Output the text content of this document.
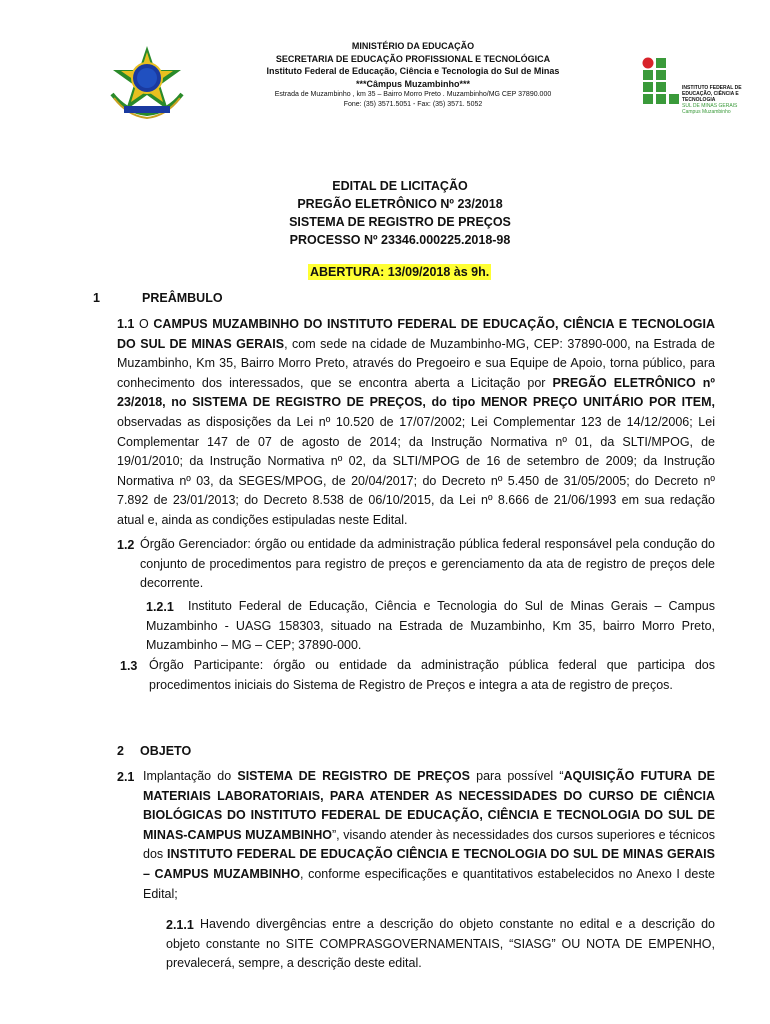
MINISTÉRIO DA EDUCAÇÃO
SECRETARIA DE EDUCAÇÃO PROFISSIONAL E TECNOLÓGICA
Instituto Federal de Educação, Ciência e Tecnologia do Sul de Minas
***Câmpus Muzambinho***
Estrada de Muzambinho , km 35 – Bairro Morro Preto . Muzambinho/MG CEP 37890.000
Fone: (35) 3571.5051 - Fax: (35) 3571. 5052
INSTITUTO FEDERAL DE
EDUCAÇÃO, CIÊNCIA E TECNOLOGIA
SUL DE MINAS GERAIS
Campus Muzambinho
EDITAL DE LICITAÇÃO
PREGÃO ELETRÔNICO Nº 23/2018
SISTEMA DE REGISTRO DE PREÇOS
PROCESSO Nº 23346.000225.2018-98
ABERTURA: 13/09/2018 às 9h.
1	PREÂMBULO
1.1 O CAMPUS MUZAMBINHO DO INSTITUTO FEDERAL DE EDUCAÇÃO, CIÊNCIA E TECNOLOGIA DO SUL DE MINAS GERAIS, com sede na cidade de Muzambinho-MG, CEP: 37890-000, na Estrada de Muzambinho, Km 35, Bairro Morro Preto, através do Pregoeiro e sua Equipe de Apoio, torna público, para conhecimento dos interessados, que se encontra aberta a Licitação por PREGÃO ELETRÔNICO nº 23/2018, no SISTEMA DE REGISTRO DE PREÇOS, do tipo MENOR PREÇO UNITÁRIO POR ITEM, observadas as disposições da Lei nº 10.520 de 17/07/2002; Lei Complementar 123 de 14/12/2006; Lei Complementar 147 de 07 de agosto de 2014; da Instrução Normativa nº 01, da SLTI/MPOG, de 19/01/2010; da Instrução Normativa nº 02, da SLTI/MPOG de 16 de setembro de 2009; da Instrução Normativa nº 03, da SEGES/MPOG, de 20/04/2017; do Decreto nº 5.450 de 31/05/2005; do Decreto nº 7.892 de 23/01/2013; do Decreto 8.538 de 06/10/2015, da Lei nº 8.666 de 21/06/1993 em sua redação atual e, ainda as condições estipuladas neste Edital.
1.2 Órgão Gerenciador: órgão ou entidade da administração pública federal responsável pela condução do conjunto de procedimentos para registro de preços e gerenciamento da ata de registro de preços dele decorrente.
1.2.1	Instituto Federal de Educação, Ciência e Tecnologia do Sul de Minas Gerais – Campus Muzambinho - UASG 158303, situado na Estrada de Muzambinho, Km 35, bairro Morro Preto, Muzambinho – MG – CEP; 37890-000.
1.3 Órgão Participante: órgão ou entidade da administração pública federal que participa dos procedimentos iniciais do Sistema de Registro de Preços e integra a ata de registro de preços.
2 OBJETO
2.1 Implantação do SISTEMA DE REGISTRO DE PREÇOS para possível “AQUISIÇÃO FUTURA DE MATERIAIS LABORATORIAIS, PARA ATENDER AS NECESSIDADES DO CURSO DE CIÊNCIA BIOLÓGICAS DO INSTITUTO FEDERAL DE EDUCAÇÃO, CIÊNCIA E TECNOLOGIA DO SUL DE MINAS-CAMPUS MUZAMBINHO”, visando atender às necessidades dos cursos superiores e técnicos dos INSTITUTO FEDERAL DE EDUCAÇÃO CIÊNCIA E TECNOLOGIA DO SUL DE MINAS GERAIS – CAMPUS MUZAMBINHO, conforme especificações e quantitativos estabelecidos no Anexo I deste Edital;
2.1.1 Havendo divergências entre a descrição do objeto constante no edital e a descrição do objeto constante no SITE COMPRASGOVERNAMENTAIS, “SIASG” OU NOTA DE EMPENHO, prevalecerá, sempre, a descrição deste edital.
